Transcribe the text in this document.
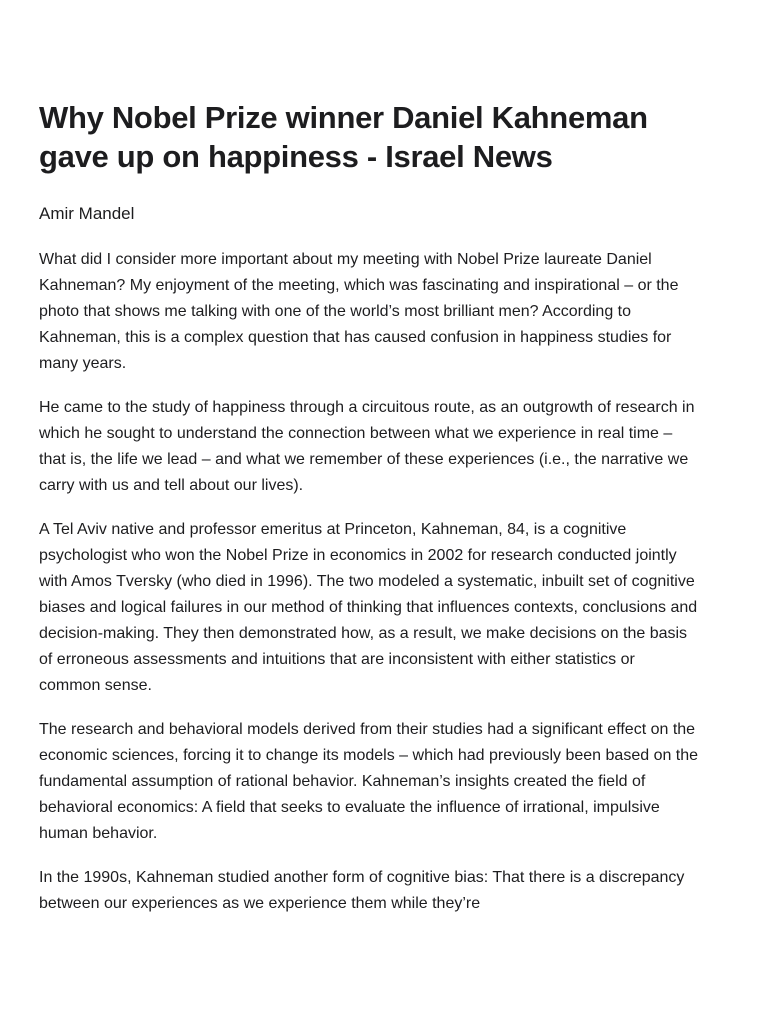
Why Nobel Prize winner Daniel Kahneman gave up on happiness - Israel News
Amir Mandel

What did I consider more important about my meeting with Nobel Prize laureate Daniel Kahneman? My enjoyment of the meeting, which was fascinating and inspirational – or the photo that shows me talking with one of the world’s most brilliant men? According to Kahneman, this is a complex question that has caused confusion in happiness studies for many years.

He came to the study of happiness through a circuitous route, as an outgrowth of research in which he sought to understand the connection between what we experience in real time – that is, the life we lead – and what we remember of these experiences (i.e., the narrative we carry with us and tell about our lives).

A Tel Aviv native and professor emeritus at Princeton, Kahneman, 84, is a cognitive psychologist who won the Nobel Prize in economics in 2002 for research conducted jointly with Amos Tversky (who died in 1996). The two modeled a systematic, inbuilt set of cognitive biases and logical failures in our method of thinking that influences contexts, conclusions and decision-making. They then demonstrated how, as a result, we make decisions on the basis of erroneous assessments and intuitions that are inconsistent with either statistics or common sense.

The research and behavioral models derived from their studies had a significant effect on the economic sciences, forcing it to change its models – which had previously been based on the fundamental assumption of rational behavior. Kahneman’s insights created the field of behavioral economics: A field that seeks to evaluate the influence of irrational, impulsive human behavior.

In the 1990s, Kahneman studied another form of cognitive bias: That there is a discrepancy between our experiences as we experience them while they’re
